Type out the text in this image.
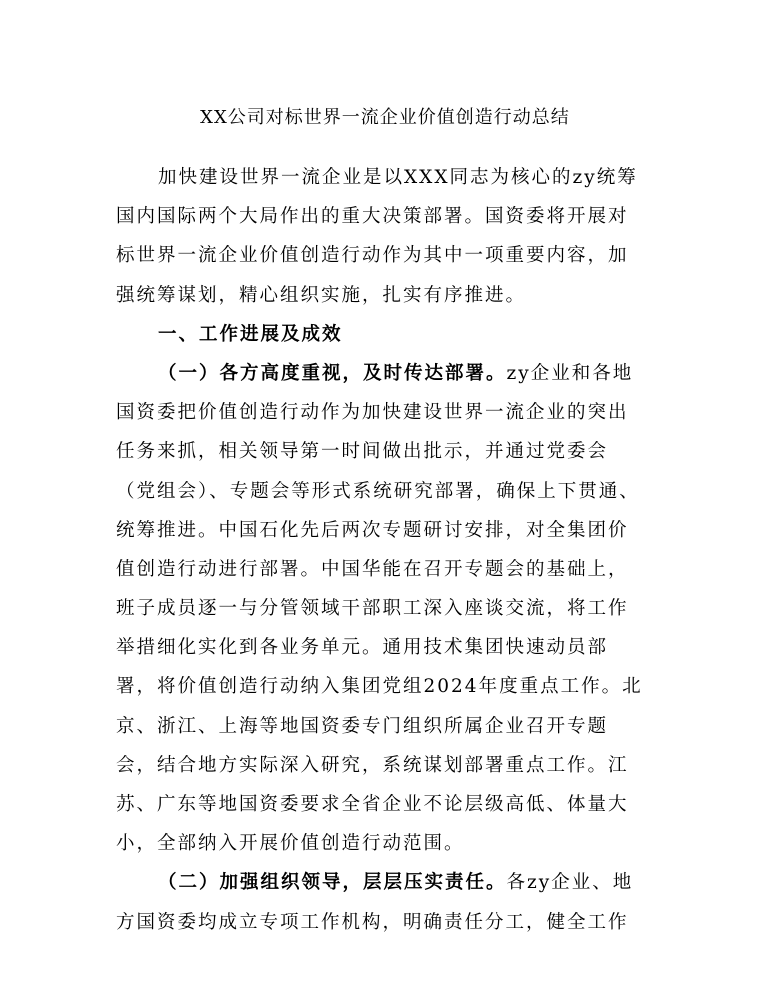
XX公司对标世界一流企业价值创造行动总结
加快建设世界一流企业是以XXX同志为核心的zy统筹
国内国际两个大局作出的重大决策部署。国资委将开展对
标世界一流企业价值创造行动作为其中一项重要内容，加
强统筹谋划，精心组织实施，扎实有序推进。
一、工作进展及成效
（一）各方高度重视，及时传达部署。zy企业和各地
国资委把价值创造行动作为加快建设世界一流企业的突出
任务来抓，相关领导第一时间做出批示，并通过党委会
（党组会）、专题会等形式系统研究部署，确保上下贯通、
统筹推进。中国石化先后两次专题研讨安排，对全集团价
值创造行动进行部署。中国华能在召开专题会的基础上，
班子成员逐一与分管领域干部职工深入座谈交流，将工作
举措细化实化到各业务单元。通用技术集团快速动员部
署，将价值创造行动纳入集团党组2024年度重点工作。北
京、浙江、上海等地国资委专门组织所属企业召开专题
会，结合地方实际深入研究，系统谋划部署重点工作。江
苏、广东等地国资委要求全省企业不论层级高低、体量大
小，全部纳入开展价值创造行动范围。
（二）加强组织领导，层层压实责任。各zy企业、地
方国资委均成立专项工作机构，明确责任分工，健全工作
